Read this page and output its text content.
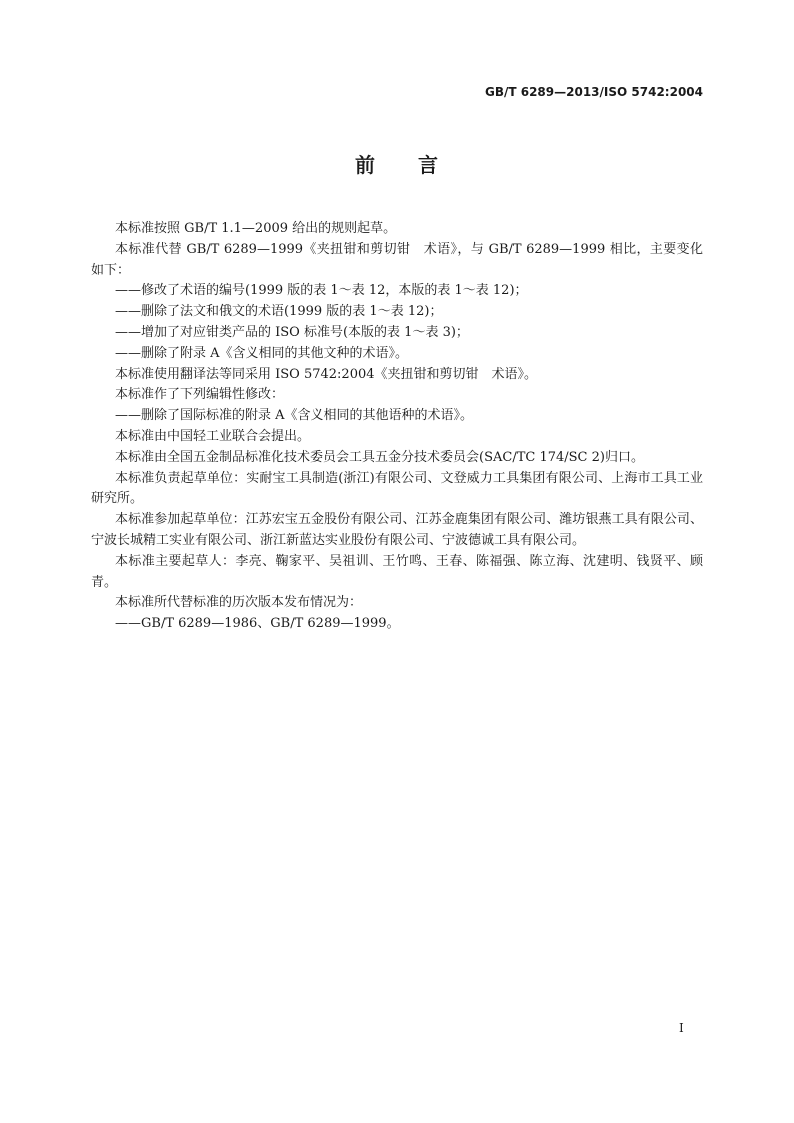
GB/T 6289—2013/ISO 5742:2004
前　　言

本标准按照 GB/T 1.1—2009 给出的规则起草。

本标准代替 GB/T 6289—1999《夹扭钳和剪切钳　术语》，与 GB/T 6289—1999 相比，主要变化如下：

——修改了术语的编号(1999 版的表 1～表 12，本版的表 1～表 12)；

——删除了法文和俄文的术语(1999 版的表 1～表 12)；

——增加了对应钳类产品的 ISO 标准号(本版的表 1～表 3)；

——删除了附录 A《含义相同的其他文种的术语》。

本标准使用翻译法等同采用 ISO 5742:2004《夹扭钳和剪切钳　术语》。

本标准作了下列编辑性修改：

——删除了国际标准的附录 A《含义相同的其他语种的术语》。

本标准由中国轻工业联合会提出。

本标准由全国五金制品标准化技术委员会工具五金分技术委员会(SAC/TC 174/SC 2)归口。

本标准负责起草单位：实耐宝工具制造(浙江)有限公司、文登威力工具集团有限公司、上海市工具工业研究所。

本标准参加起草单位：江苏宏宝五金股份有限公司、江苏金鹿集团有限公司、潍坊银燕工具有限公司、宁波长城精工实业有限公司、浙江新蓝达实业股份有限公司、宁波德诚工具有限公司。

本标准主要起草人：李亮、鞠家平、吴祖训、王竹鸣、王春、陈福强、陈立海、沈建明、钱贤平、顾青。

本标准所代替标准的历次版本发布情况为：

——GB/T 6289—1986、GB/T 6289—1999。

I
